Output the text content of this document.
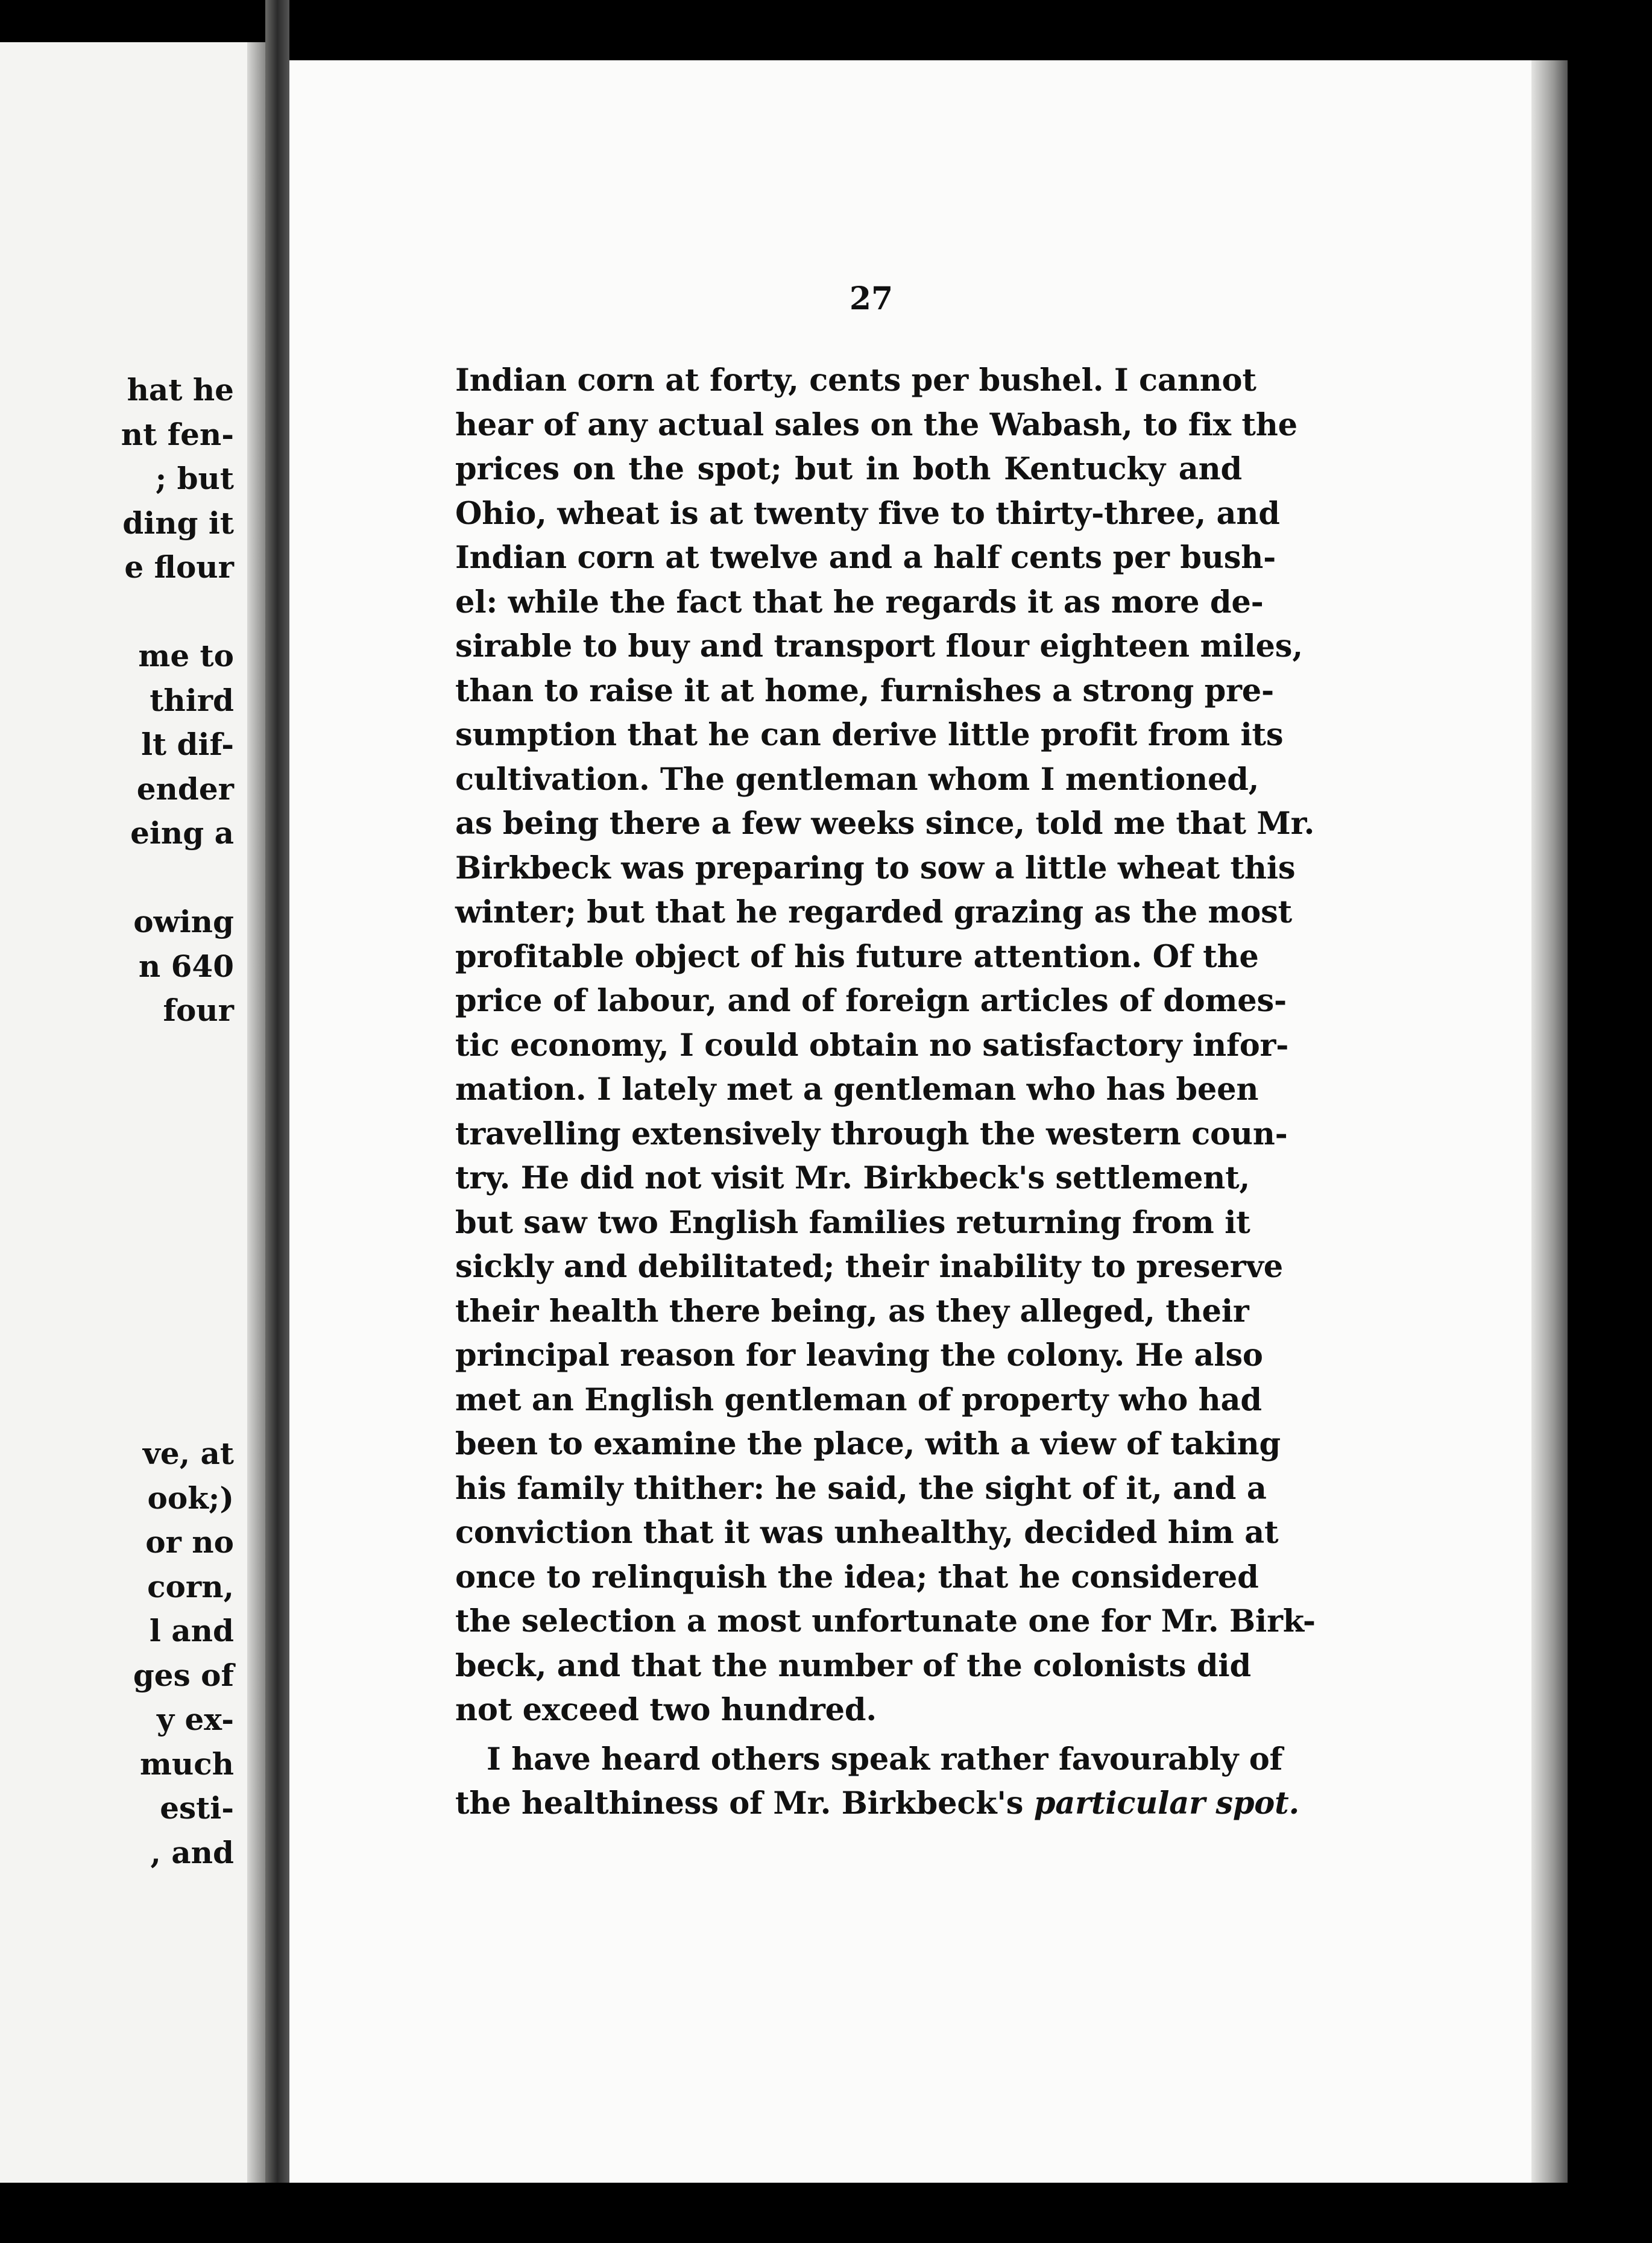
hat he
nt fen-
; but
ding it
e flour
me to
third
lt dif-
ender
eing a
owing
n 640
four
ve, at
ook;)
or no
corn,
l and
ges of
y ex-
much
esti-
, and
27
Indian corn at forty, cents per bushel. I cannot
hear of any actual sales on the Wabash, to fix the
prices on the spot; but in both Kentucky and
Ohio, wheat is at twenty five to thirty-three, and
Indian corn at twelve and a half cents per bush-
el: while the fact that he regards it as more de-
sirable to buy and transport flour eighteen miles,
than to raise it at home, furnishes a strong pre-
sumption that he can derive little profit from its
cultivation. The gentleman whom I mentioned,
as being there a few weeks since, told me that Mr.
Birkbeck was preparing to sow a little wheat this
winter; but that he regarded grazing as the most
profitable object of his future attention. Of the
price of labour, and of foreign articles of domes-
tic economy, I could obtain no satisfactory infor-
mation. I lately met a gentleman who has been
travelling extensively through the western coun-
try. He did not visit Mr. Birkbeck's settlement,
but saw two English families returning from it
sickly and debilitated; their inability to preserve
their health there being, as they alleged, their
principal reason for leaving the colony. He also
met an English gentleman of property who had
been to examine the place, with a view of taking
his family thither: he said, the sight of it, and a
conviction that it was unhealthy, decided him at
once to relinquish the idea; that he considered
the selection a most unfortunate one for Mr. Birk-
beck, and that the number of the colonists did
not exceed two hundred.
I have heard others speak rather favourably of
the healthiness of Mr. Birkbeck's particular spot.
